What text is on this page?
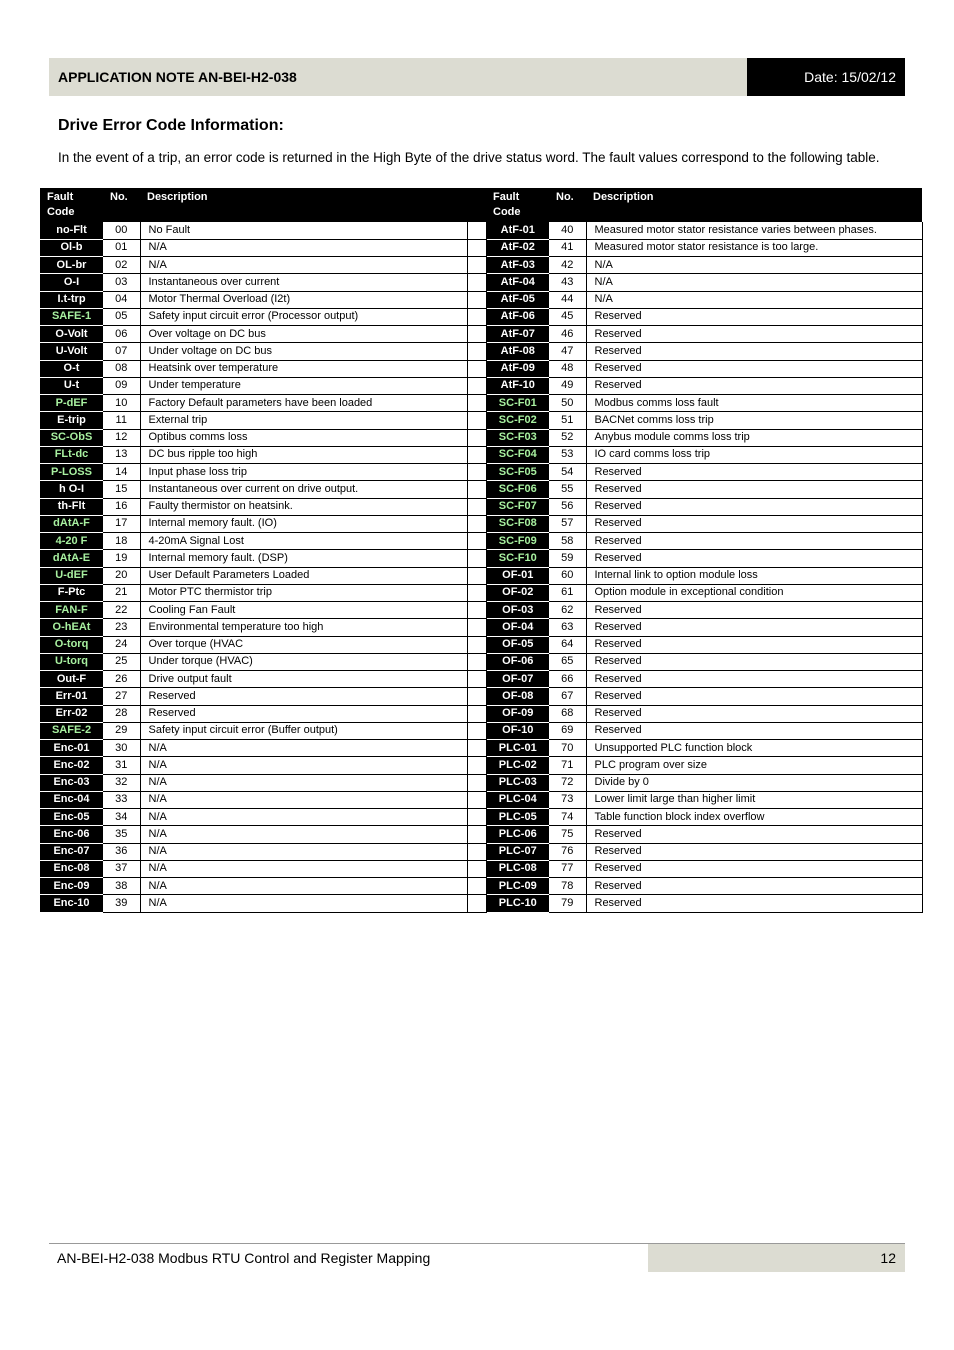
APPLICATION NOTE AN-BEI-H2-038	Date: 15/02/12
Drive Error Code Information:

In the event of a trip, an error code is returned in the High Byte of the drive status word. The fault values correspond to the following table.

Fault Code	No.	Description		Fault Code	No.	Description
no-Flt	00	No Fault		AtF-01	40	Measured motor stator resistance varies between phases.
Ol-b	01	N/A		AtF-02	41	Measured motor stator resistance is too large.
OL-br	02	N/A		AtF-03	42	N/A
O-I	03	Instantaneous over current		AtF-04	43	N/A
I.t-trp	04	Motor Thermal Overload (I2t)		AtF-05	44	N/A
SAFE-1	05	Safety input circuit error (Processor output)		AtF-06	45	Reserved
O-Volt	06	Over voltage on DC bus		AtF-07	46	Reserved
U-Volt	07	Under voltage on DC bus		AtF-08	47	Reserved
O-t	08	Heatsink over temperature		AtF-09	48	Reserved
U-t	09	Under temperature		AtF-10	49	Reserved
P-dEF	10	Factory Default parameters have been loaded		SC-F01	50	Modbus comms loss fault
E-trip	11	External trip		SC-F02	51	BACNet comms loss trip
SC-ObS	12	Optibus comms loss		SC-F03	52	Anybus module comms loss trip
FLt-dc	13	DC bus ripple too high		SC-F04	53	IO card comms loss trip
P-LOSS	14	Input phase loss trip		SC-F05	54	Reserved
h O-I	15	Instantaneous over current on drive output.		SC-F06	55	Reserved
th-Flt	16	Faulty thermistor on heatsink.		SC-F07	56	Reserved
dAtA-F	17	Internal memory fault. (IO)		SC-F08	57	Reserved
4-20 F	18	4-20mA Signal Lost		SC-F09	58	Reserved
dAtA-E	19	Internal memory fault. (DSP)		SC-F10	59	Reserved
U-dEF	20	User Default Parameters Loaded		OF-01	60	Internal link to option module loss
F-Ptc	21	Motor PTC thermistor trip		OF-02	61	Option module in exceptional condition
FAN-F	22	Cooling Fan Fault		OF-03	62	Reserved
O-hEAt	23	Environmental temperature too high		OF-04	63	Reserved
O-torq	24	Over torque (HVAC		OF-05	64	Reserved
U-torq	25	Under torque (HVAC)		OF-06	65	Reserved
Out-F	26	Drive output fault		OF-07	66	Reserved
Err-01	27	Reserved		OF-08	67	Reserved
Err-02	28	Reserved		OF-09	68	Reserved
SAFE-2	29	Safety input circuit error (Buffer output)		OF-10	69	Reserved
Enc-01	30	N/A		PLC-01	70	Unsupported PLC function block
Enc-02	31	N/A		PLC-02	71	PLC program over size
Enc-03	32	N/A		PLC-03	72	Divide by 0
Enc-04	33	N/A		PLC-04	73	Lower limit large than higher limit
Enc-05	34	N/A		PLC-05	74	Table function block index overflow
Enc-06	35	N/A		PLC-06	75	Reserved
Enc-07	36	N/A		PLC-07	76	Reserved
Enc-08	37	N/A		PLC-08	77	Reserved
Enc-09	38	N/A		PLC-09	78	Reserved
Enc-10	39	N/A		PLC-10	79	Reserved
AN-BEI-H2-038 Modbus RTU Control and Register Mapping	12
